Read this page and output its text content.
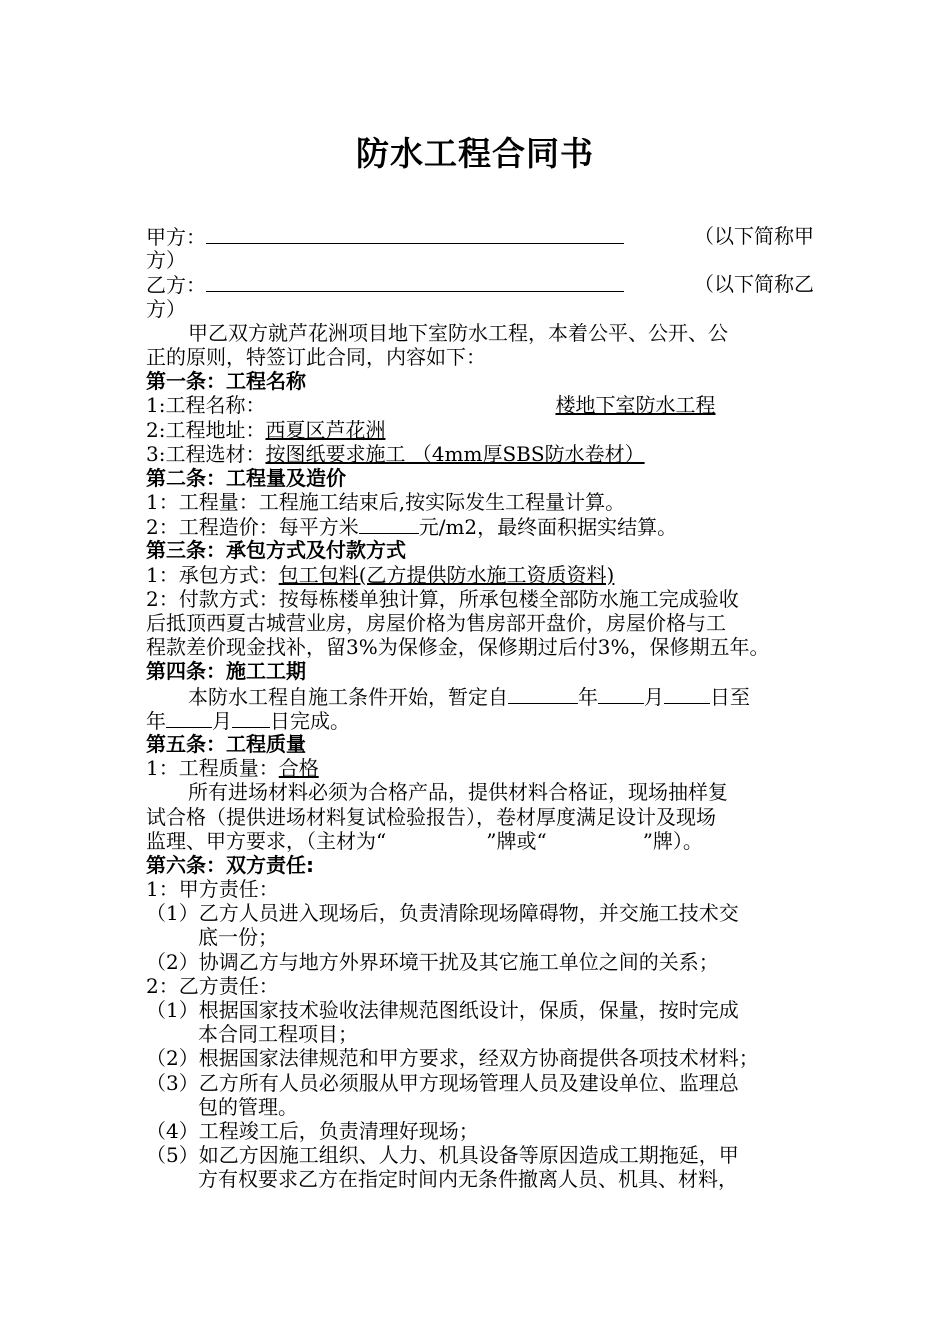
防水工程合同书
甲方：	（以下简称甲
方）
乙方：	（以下简称乙
方）
甲乙双方就芦花洲项目地下室防水工程，本着公平、公开、公
正的原则，特签订此合同，内容如下：
第一条：工程名称
1:工程名称：	楼地下室防水工程
2:工程地址：西夏区芦花洲
3:工程选材：按图纸要求施工 （4mm厚SBS防水卷材）
第二条：工程量及造价
1：工程量：工程施工结束后,按实际发生工程量计算。
2：工程造价：每平方米	元/m2，最终面积据实结算。
第三条：承包方式及付款方式
1：承包方式：包工包料(乙方提供防水施工资质资料)
2：付款方式：按每栋楼单独计算，所承包楼全部防水施工完成验收
后抵顶西夏古城营业房，房屋价格为售房部开盘价，房屋价格与工
程款差价现金找补，留3%为保修金，保修期过后付3%，保修期五年。
第四条：施工工期
本防水工程自施工条件开始，暂定自	年 月 日至
年 月 日完成。
第五条：工程质量
1：工程质量：合格
所有进场材料必须为合格产品，提供材料合格证，现场抽样复
试合格（提供进场材料复试检验报告），卷材厚度满足设计及现场
监理、甲方要求，（主材为“	”牌或“	”牌）。
第六条：双方责任:
1：甲方责任：
（1）乙方人员进入现场后，负责清除现场障碍物，并交施工技术交
底一份；
（2）协调乙方与地方外界环境干扰及其它施工单位之间的关系；
2：乙方责任：
（1）根据国家技术验收法律规范图纸设计，保质，保量，按时完成
本合同工程项目；
（2）根据国家法律规范和甲方要求，经双方协商提供各项技术材料；
（3）乙方所有人员必须服从甲方现场管理人员及建设单位、监理总
包的管理。
（4）工程竣工后，负责清理好现场；
（5）如乙方因施工组织、人力、机具设备等原因造成工期拖延，甲
方有权要求乙方在指定时间内无条件撤离人员、机具、材料，
